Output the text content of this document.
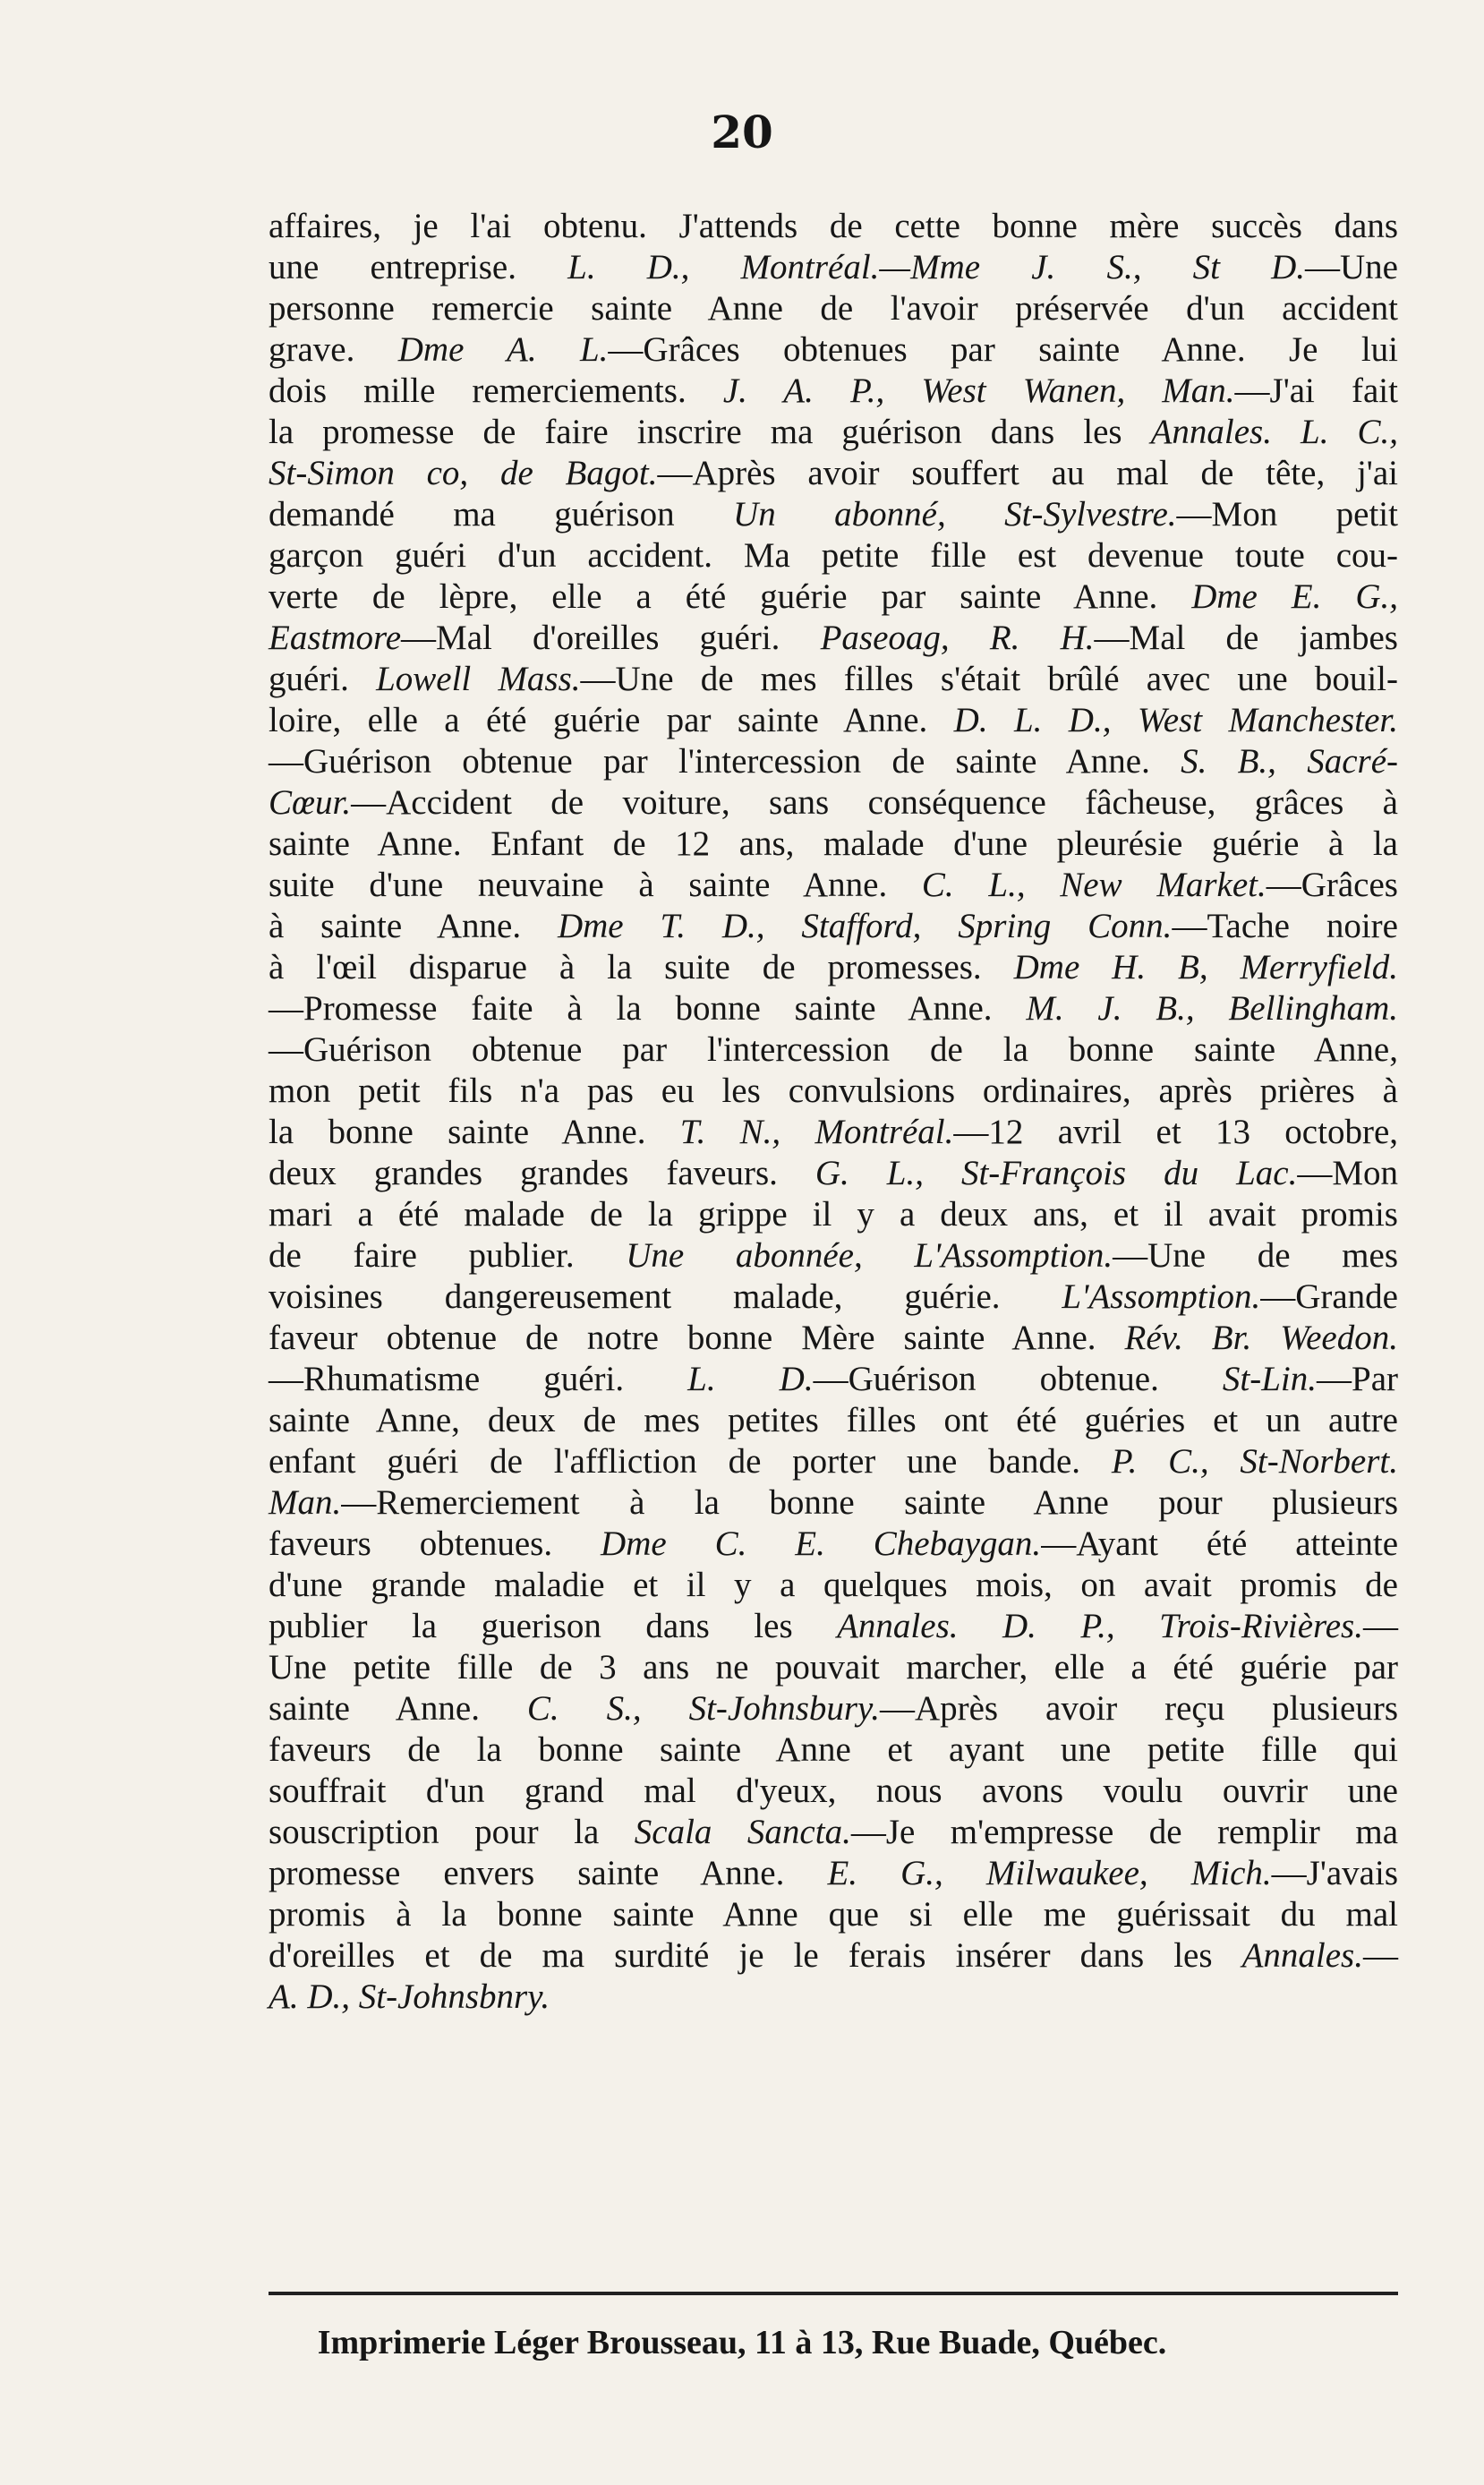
20
affaires, je l'ai obtenu. J'attends de cette bonne mère succès dans
une entreprise. L. D., Montréal.—Mme J. S., St D.—Une
personne remercie sainte Anne de l'avoir préservée d'un accident
grave. Dme A. L.—Grâces obtenues par sainte Anne. Je lui
dois mille remerciements. J. A. P., West Wanen, Man.—J'ai fait
la promesse de faire inscrire ma guérison dans les Annales. L. C.,
St-Simon co, de Bagot.—Après avoir souffert au mal de tête, j'ai
demandé ma guérison Un abonné, St-Sylvestre.—Mon petit
garçon guéri d'un accident. Ma petite fille est devenue toute cou-
verte de lèpre, elle a été guérie par sainte Anne. Dme E. G.,
Eastmore—Mal d'oreilles guéri. Paseoag, R. H.—Mal de jambes
guéri. Lowell Mass.—Une de mes filles s'était brûlé avec une bouil-
loire, elle a été guérie par sainte Anne. D. L. D., West Manchester.
—Guérison obtenue par l'intercession de sainte Anne. S. B., Sacré-
Cœur.—Accident de voiture, sans conséquence fâcheuse, grâces à
sainte Anne. Enfant de 12 ans, malade d'une pleurésie guérie à la
suite d'une neuvaine à sainte Anne. C. L., New Market.—Grâces
à sainte Anne. Dme T. D., Stafford, Spring Conn.—Tache noire
à l'œil disparue à la suite de promesses. Dme H. B, Merryfield.
—Promesse faite à la bonne sainte Anne. M. J. B., Bellingham.
—Guérison obtenue par l'intercession de la bonne sainte Anne,
mon petit fils n'a pas eu les convulsions ordinaires, après prières à
la bonne sainte Anne. T. N., Montréal.—12 avril et 13 octobre,
deux grandes grandes faveurs. G. L., St-François du Lac.—Mon
mari a été malade de la grippe il y a deux ans, et il avait promis
de faire publier. Une abonnée, L'Assomption.—Une de mes
voisines dangereusement malade, guérie. L'Assomption.—Grande
faveur obtenue de notre bonne Mère sainte Anne. Rév. Br. Weedon.
—Rhumatisme guéri. L. D.—Guérison obtenue. St-Lin.—Par
sainte Anne, deux de mes petites filles ont été guéries et un autre
enfant guéri de l'affliction de porter une bande. P. C., St-Norbert.
Man.—Remerciement à la bonne sainte Anne pour plusieurs
faveurs obtenues. Dme C. E. Chebaygan.—Ayant été atteinte
d'une grande maladie et il y a quelques mois, on avait promis de
publier la guerison dans les Annales. D. P., Trois-Rivières.—
Une petite fille de 3 ans ne pouvait marcher, elle a été guérie par
sainte Anne. C. S., St-Johnsbury.—Après avoir reçu plusieurs
faveurs de la bonne sainte Anne et ayant une petite fille qui
souffrait d'un grand mal d'yeux, nous avons voulu ouvrir une
souscription pour la Scala Sancta.—Je m'empresse de remplir ma
promesse envers sainte Anne. E. G., Milwaukee, Mich.—J'avais
promis à la bonne sainte Anne que si elle me guérissait du mal
d'oreilles et de ma surdité je le ferais insérer dans les Annales.—
A. D., St-Johnsbnry.
Imprimerie Léger Brousseau, 11 à 13, Rue Buade, Québec.
